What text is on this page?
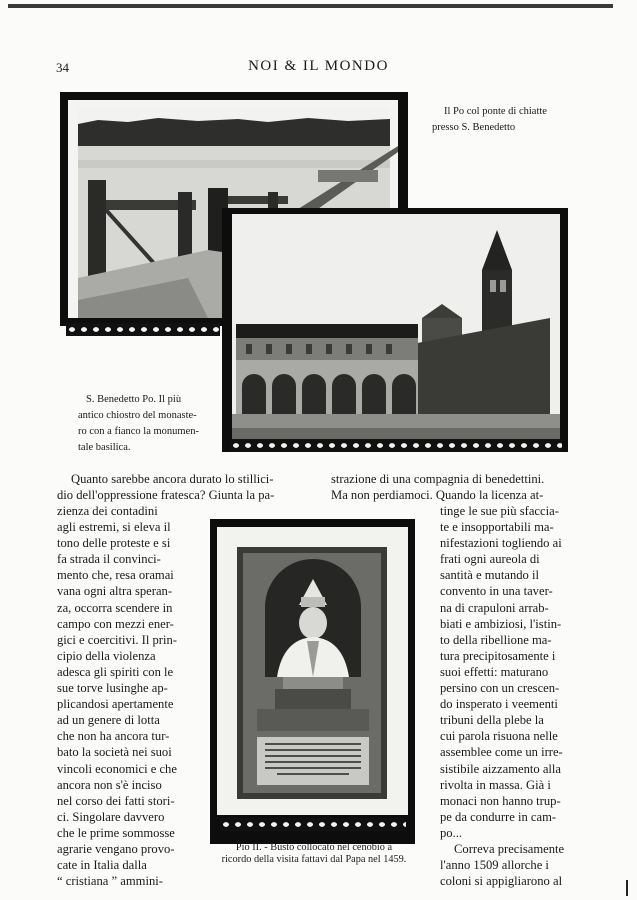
34	NOI & IL MONDO
Il Po col ponte di chiatte
presso S. Benedetto
S. Benedetto Po. Il più
antico chiostro del monaste-
ro con a fianco la monumen-
tale basilica.

Quanto sarebbe ancora durato lo stillici-

dio dell'oppressione fratesca? Giunta la pa-

zienza dei contadini

agli estremi, si eleva il

tono delle proteste e si

fa strada il convinci-

mento che, resa oramai

vana ogni altra speran-

za, occorra scendere in

campo con mezzi ener-

gici e coercitivi. Il prin-

cipio della violenza

adesca gli spiriti con le

sue torve lusinghe ap-

plicandosi apertamente

ad un genere di lotta

che non ha ancora tur-

bato la società nei suoi

vincoli economici e che

ancora non s'è inciso

nel corso dei fatti stori-

ci. Singolare davvero

che le prime sommosse

agrarie vengano provo-

cate in Italia dalla

“ cristiana ” ammini-

strazione di una compagnia di benedettini.

Ma non perdiamoci. Quando la licenza at-

tinge le sue più sfaccia-

te e insopportabili ma-

nifestazioni togliendo ai

frati ogni aureola di

santità e mutando il

convento in una taver-

na di crapuloni arrab-

biati e ambiziosi, l'istin-

to della ribellione ma-

tura precipitosamente i

suoi effetti: maturano

persino con un crescen-

do insperato i veementi

tribuni della plebe la

cui parola risuona nelle

assemblee come un irre-

sistibile aizzamento alla

rivolta in massa. Già i

monaci non hanno trup-

pe da condurre in cam-

po...

Correva precisamente

l'anno 1509 allorche i

coloni si appigliarono al

Pio II. - Busto collocato nel cenobio a
ricordo della visita fattavi dal Papa nel 1459.
